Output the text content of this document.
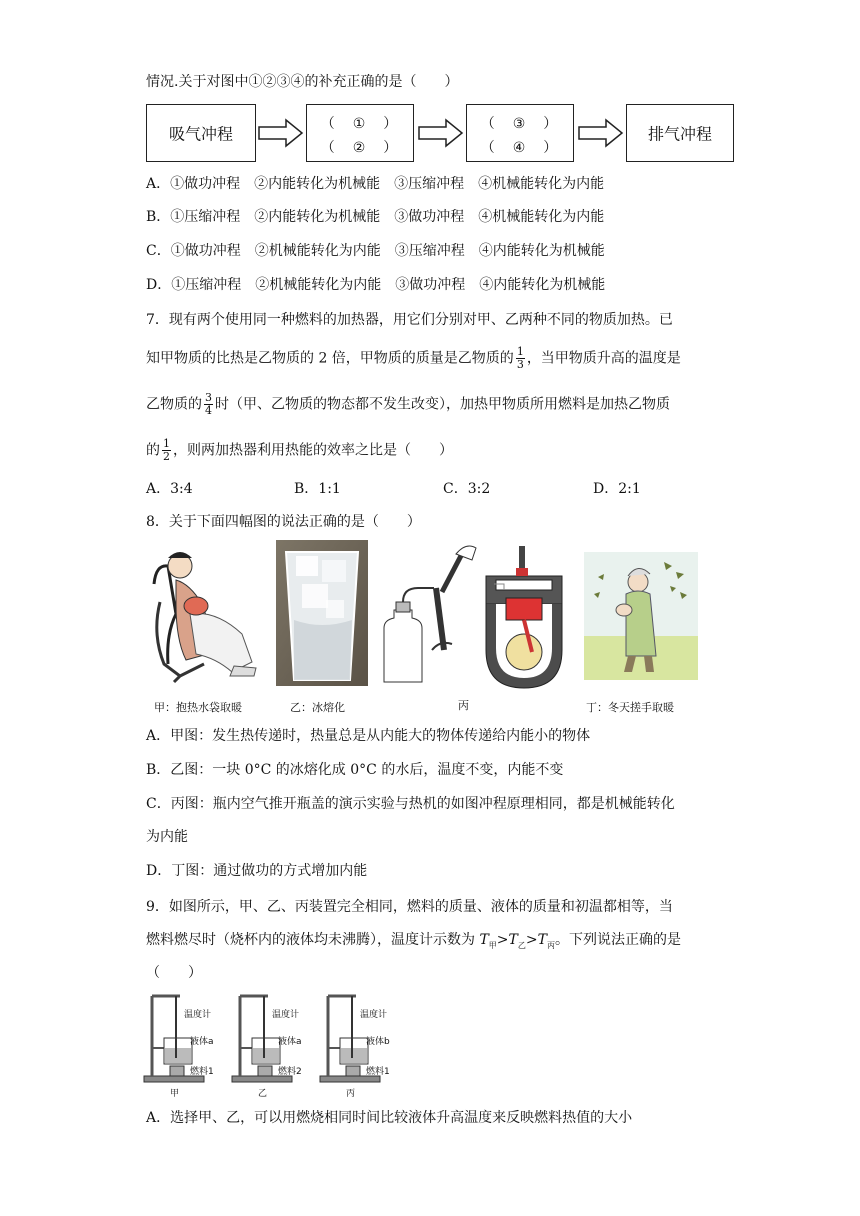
情况.关于对图中①②③④的补充正确的是（　　）
吸气冲程
（　①　）
（　②　）
（　③　）
（　④　）
排气冲程
A．①做功冲程　②内能转化为机械能　③压缩冲程　④机械能转化为内能
B．①压缩冲程　②内能转化为机械能　③做功冲程　④机械能转化为内能
C．①做功冲程　②机械能转化为内能　③压缩冲程　④内能转化为机械能
D．①压缩冲程　②机械能转化为内能　③做功冲程　④内能转化为机械能
7．现有两个使用同一种燃料的加热器，用它们分别对甲、乙两种不同的物质加热。已
知甲物质的比热是乙物质的 2 倍，甲物质的质量是乙物质的 $\frac{1}{3}$ ，当甲物质升高的温度是
乙物质的 $\frac{3}{4}$ 时（甲、乙物质的物态都不发生改变），加热甲物质所用燃料是加热乙物质
的 $\frac{1}{2}$ ，则两加热器利用热能的效率之比是（　　）
A．3:4	B．1:1	C．3:2	D．2:1
8．关于下面四幅图的说法正确的是（　　）
甲：抱热水袋取暖	乙：冰熔化	丙	丁：冬天搓手取暖
A．甲图：发生热传递时，热量总是从内能大的物体传递给内能小的物体
B．乙图：一块 0°C 的冰熔化成 0°C 的水后，温度不变，内能不变
C．丙图：瓶内空气推开瓶盖的演示实验与热机的如图冲程原理相同，都是机械能转化
为内能
D．丁图：通过做功的方式增加内能
9．如图所示，甲、乙、丙装置完全相同，燃料的质量、液体的质量和初温都相等，当
燃料燃尽时（烧杯内的液体均未沸腾），温度计示数为 $T_甲>T_乙>T_丙$。下列说法正确的是
（　　）
温度计
液体a
燃料1
甲
温度计
液体a
燃料2
乙
温度计
液体b
燃料1
丙
A．选择甲、乙，可以用燃烧相同时间比较液体升高温度来反映燃料热值的大小
